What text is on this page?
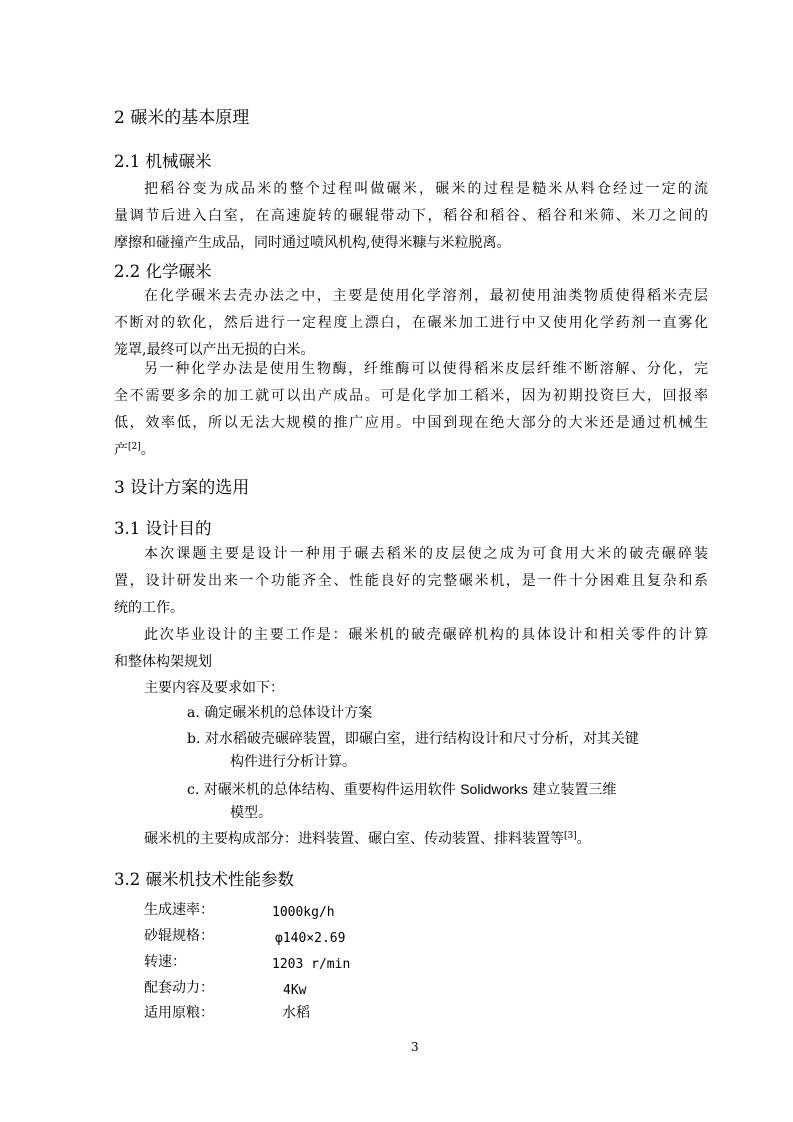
2 碾米的基本原理
2.1 机械碾米
把稻谷变为成品米的整个过程叫做碾米，碾米的过程是糙米从料仓经过一定的流
量调节后进入白室，在高速旋转的碾辊带动下，稻谷和稻谷、稻谷和米筛、米刀之间的
摩擦和碰撞产生成品，同时通过喷风机构,使得米糠与米粒脱离。
2.2 化学碾米
在化学碾米去壳办法之中，主要是使用化学溶剂，最初使用油类物质使得稻米壳层
不断对的软化，然后进行一定程度上漂白，在碾米加工进行中又使用化学药剂一直雾化
笼罩,最终可以产出无损的白米。
另一种化学办法是使用生物酶，纤维酶可以使得稻米皮层纤维不断溶解、分化，完
全不需要多余的加工就可以出产成品。可是化学加工稻米，因为初期投资巨大，回报率
低，效率低，所以无法大规模的推广应用。中国到现在绝大部分的大米还是通过机械生
产[2]。
3 设计方案的选用
3.1 设计目的
本次课题主要是设计一种用于碾去稻米的皮层使之成为可食用大米的破壳碾碎装
置，设计研发出来一个功能齐全、性能良好的完整碾米机，是一件十分困难且复杂和系
统的工作。
此次毕业设计的主要工作是：碾米机的破壳碾碎机构的具体设计和相关零件的计算
和整体构架规划
主要内容及要求如下：
a. 确定碾米机的总体设计方案
b. 对水稻破壳碾碎装置，即碾白室，进行结构设计和尺寸分析，对其关键
构件进行分析计算。
c. 对碾米机的总体结构、重要构件运用软件 Solidworks 建立装置三维
模型。
碾米机的主要构成部分：进料装置、碾白室、传动装置、排料装置等[3]。
3.2 碾米机技术性能参数
生成速率：	1000kg/h
砂辊规格：	φ140×2.69
转速：	1203 r/min
配套动力：	4Kw
适用原粮：	水稻
3
